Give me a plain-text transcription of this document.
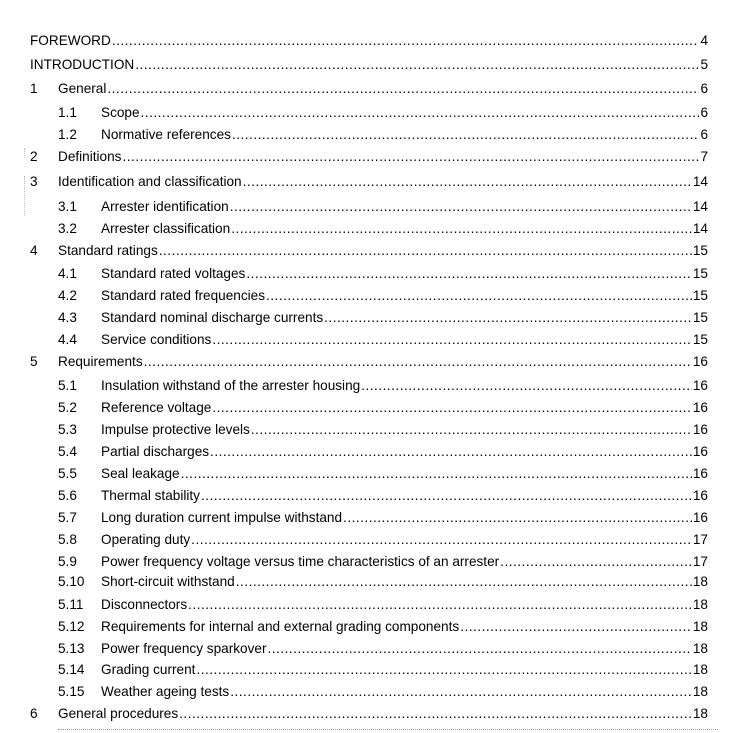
FOREWORD .....	4
INTRODUCTION .....	5
1 General .....	6
1.1 Scope .....	6
1.2 Normative references .....	6
2 Definitions .....	7
3 Identification and classification .....	14
3.1 Arrester identification .....	14
3.2 Arrester classification .....	14
4 Standard ratings .....	15
4.1 Standard rated voltages .....	15
4.2 Standard rated frequencies .....	15
4.3 Standard nominal discharge currents .....	15
4.4 Service conditions .....	15
5 Requirements .....	16
5.1 Insulation withstand of the arrester housing .....	16
5.2 Reference voltage .....	16
5.3 Impulse protective levels .....	16
5.4 Partial discharges .....	16
5.5 Seal leakage .....	16
5.6 Thermal stability .....	16
5.7 Long duration current impulse withstand .....	16
5.8 Operating duty .....	17
5.9 Power frequency voltage versus time characteristics of an arrester .....	17
5.10 Short-circuit withstand .....	18
5.11 Disconnectors .....	18
5.12 Requirements for internal and external grading components .....	18
5.13 Power frequency sparkover .....	18
5.14 Grading current .....	18
5.15 Weather ageing tests .....	18
6 General procedures .....	18
